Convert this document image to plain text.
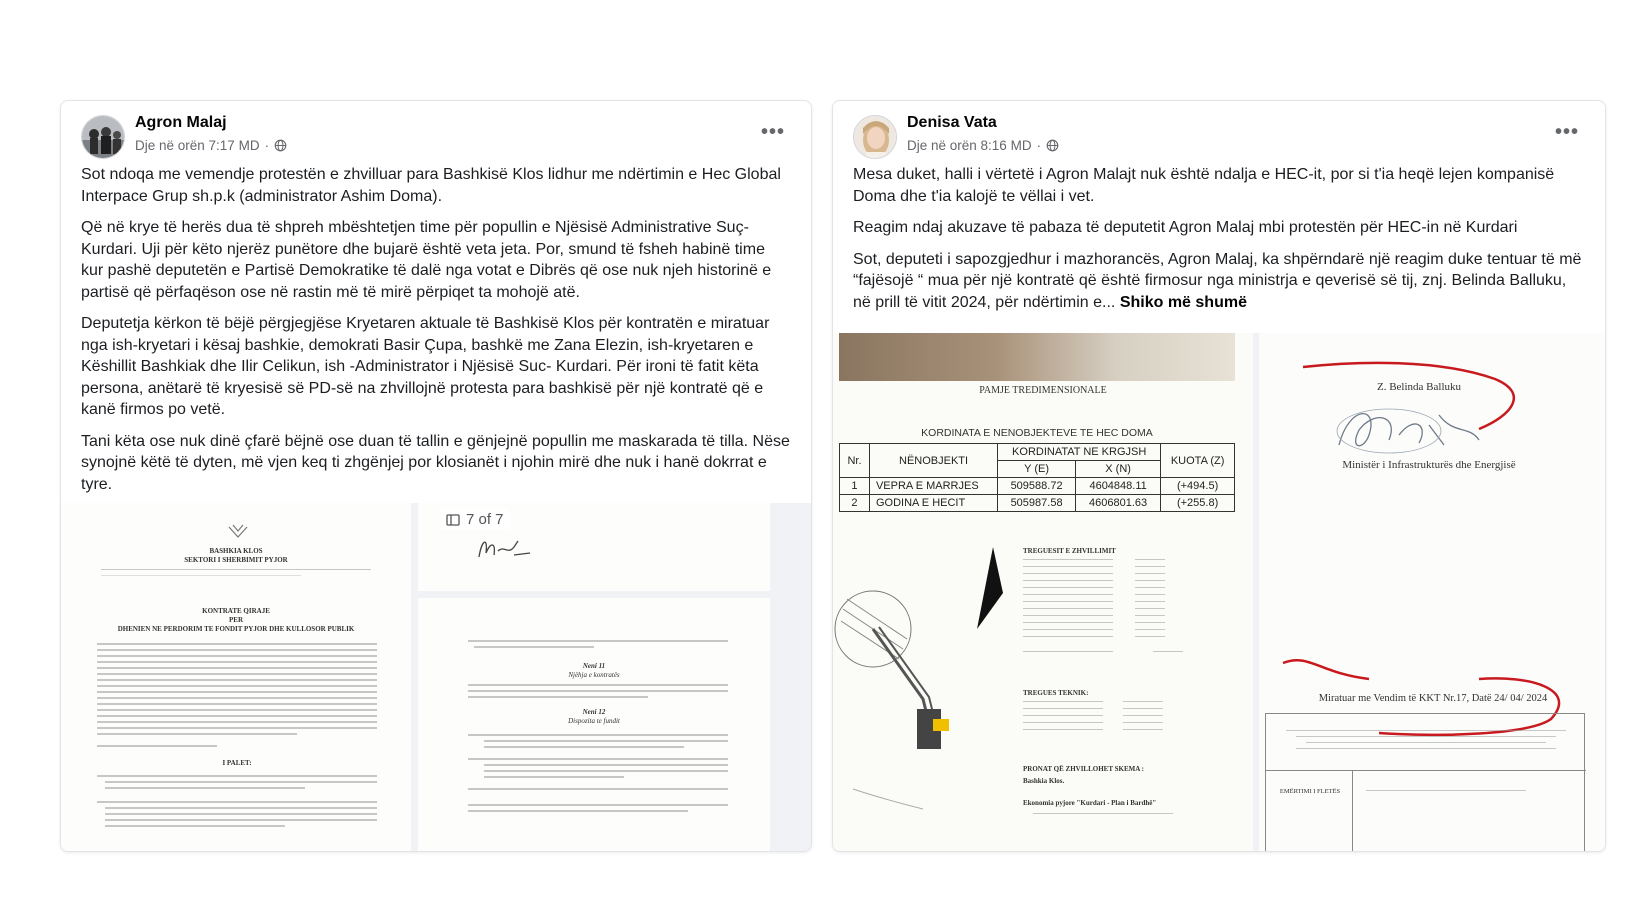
Agron Malaj
Dje në orën 7:17 MD ·
•••

Sot ndoqa me vemendje protestën e zhvilluar para Bashkisë Klos lidhur me ndërtimin e Hec Global Interpace Grup sh.p.k (administrator Ashim Doma).

Që në krye të herës dua të shpreh mbështetjen time për popullin e Njësisë Administrative Suç-Kurdari. Uji për këto njerëz punëtore dhe bujarë është veta jeta. Por, smund të fsheh habinë time kur pashë deputetën e Partisë Demokratike të dalë nga votat e Dibrës që ose nuk njeh historinë e partisë që përfaqëson ose në rastin më të mirë përpiqet ta mohojë atë.

Deputetja kërkon të bëjë përgjegjëse Kryetaren aktuale të Bashkisë Klos për kontratën e miratuar nga ish-kryetari i kësaj bashkie, demokrati Basir Çupa, bashkë me Zana Elezin, ish-kryetaren e Këshillit Bashkiak dhe Ilir Celikun, ish -Administrator i Njësisë Suc- Kurdari. Për ironi të fatit këta persona, anëtarë të kryesisë së PD-së na zhvillojnë protesta para bashkisë për një kontratë që e kanë firmos po vetë.

Tani këta ose nuk dinë çfarë bëjnë ose duan të tallin e gënjejnë popullin me maskarada të tilla. Nëse synojnë këtë të dyten, më vjen keq ti zhgënjej por klosianët i njohin mirë dhe nuk i hanë dokrrat e tyre.

BASHKIA KLOS
SEKTORI I SHERBIMIT PYJOR
KONTRATE QIRAJE
PER
DHENIEN NE PERDORIM TE FONDIT PYJOR DHE KULLOSOR PUBLIK
I PALET:
7 of 7
Neni 11
Njëhja e kontratës
Neni 12
Dispozita te fundit
Denisa Vata
Dje në orën 8:16 MD ·
•••

Mesa duket, halli i vërtetë i Agron Malajt nuk është ndalja e HEC-it, por si t'ia heqë lejen kompanisë Doma dhe t'ia kalojë te vëllai i vet.

Reagim ndaj akuzave të pabaza të deputetit Agron Malaj mbi protestën për HEC-in në Kurdari

Sot, deputeti i sapozgjedhur i mazhorancës, Agron Malaj, ka shpërndarë një reagim duke tentuar të më “fajësojë “ mua për një kontratë që është firmosur nga ministrja e qeverisë së tij, znj. Belinda Balluku, në prill të vitit 2024, për ndërtimin e... Shiko më shumë

PAMJE TREDIMENSIONALE
KORDINATA E NENOBJEKTEVE TE HEC DOMA
Nr.	NËNOBJEKTI	KORDINATAT NE KRGJSH		KUOTA (Z)
		Y (E)	X (N)	
1	VEPRA E MARRJES	509588.72	4604848.11	(+494.5)
2	GODINA E HECIT	505987.58	4606801.63	(+255.8)
TREGUESIT E ZHVILLIMIT
TREGUES TEKNIK:
PRONAT QË ZHVILLOHET SKEMA :
Bashkia Klos.
Ekonomia pyjore "Kurdari - Plan i Bardhë"
Z. Belinda Balluku
Ministër i Infrastrukturës dhe Energjisë
Miratuar me Vendim të KKT Nr.17, Datë 24/ 04/ 2024
EMËRTIMI I FLETËS
